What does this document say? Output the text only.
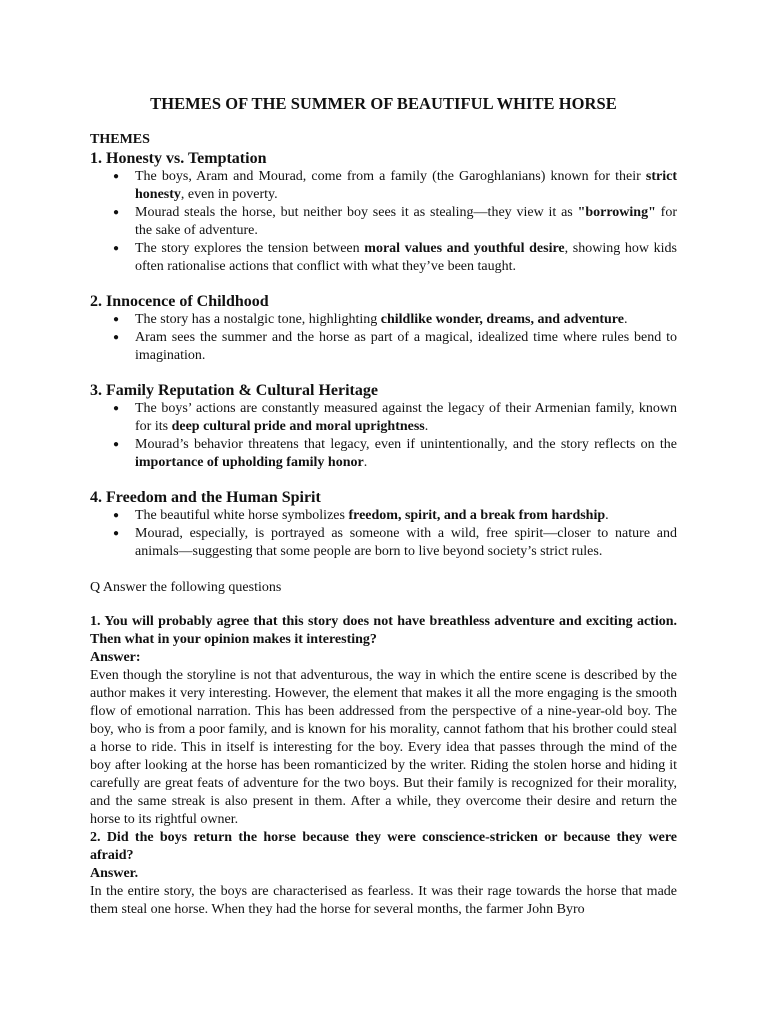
THEMES OF THE SUMMER OF BEAUTIFUL WHITE HORSE
THEMES
1. Honesty vs. Temptation
● The boys, Aram and Mourad, come from a family (the Garoghlanians) known for their strict honesty, even in poverty.
● Mourad steals the horse, but neither boy sees it as stealing—they view it as "borrowing" for the sake of adventure.
● The story explores the tension between moral values and youthful desire, showing how kids often rationalise actions that conflict with what they’ve been taught.
2. Innocence of Childhood
● The story has a nostalgic tone, highlighting childlike wonder, dreams, and adventure.
● Aram sees the summer and the horse as part of a magical, idealized time where rules bend to imagination.
3. Family Reputation & Cultural Heritage
● The boys’ actions are constantly measured against the legacy of their Armenian family, known for its deep cultural pride and moral uprightness.
● Mourad’s behavior threatens that legacy, even if unintentionally, and the story reflects on the importance of upholding family honor.
4. Freedom and the Human Spirit
● The beautiful white horse symbolizes freedom, spirit, and a break from hardship.
● Mourad, especially, is portrayed as someone with a wild, free spirit—closer to nature and animals—suggesting that some people are born to live beyond society’s strict rules.

Q Answer the following questions

1. You will probably agree that this story does not have breathless adventure and exciting action. Then what in your opinion makes it interesting?

Answer:

Even though the storyline is not that adventurous, the way in which the entire scene is described by the author makes it very interesting. However, the element that makes it all the more engaging is the smooth flow of emotional narration. This has been addressed from the perspective of a nine-year-old boy. The boy, who is from a poor family, and is known for his morality, cannot fathom that his brother could steal a horse to ride. This in itself is interesting for the boy. Every idea that passes through the mind of the boy after looking at the horse has been romanticized by the writer. Riding the stolen horse and hiding it carefully are great feats of adventure for the two boys. But their family is recognized for their morality, and the same streak is also present in them. After a while, they overcome their desire and return the horse to its rightful owner.

2. Did the boys return the horse because they were conscience-stricken or because they were afraid?

Answer.

In the entire story, the boys are characterised as fearless. It was their rage towards the horse that made them steal one horse. When they had the horse for several months, the farmer John Byro
